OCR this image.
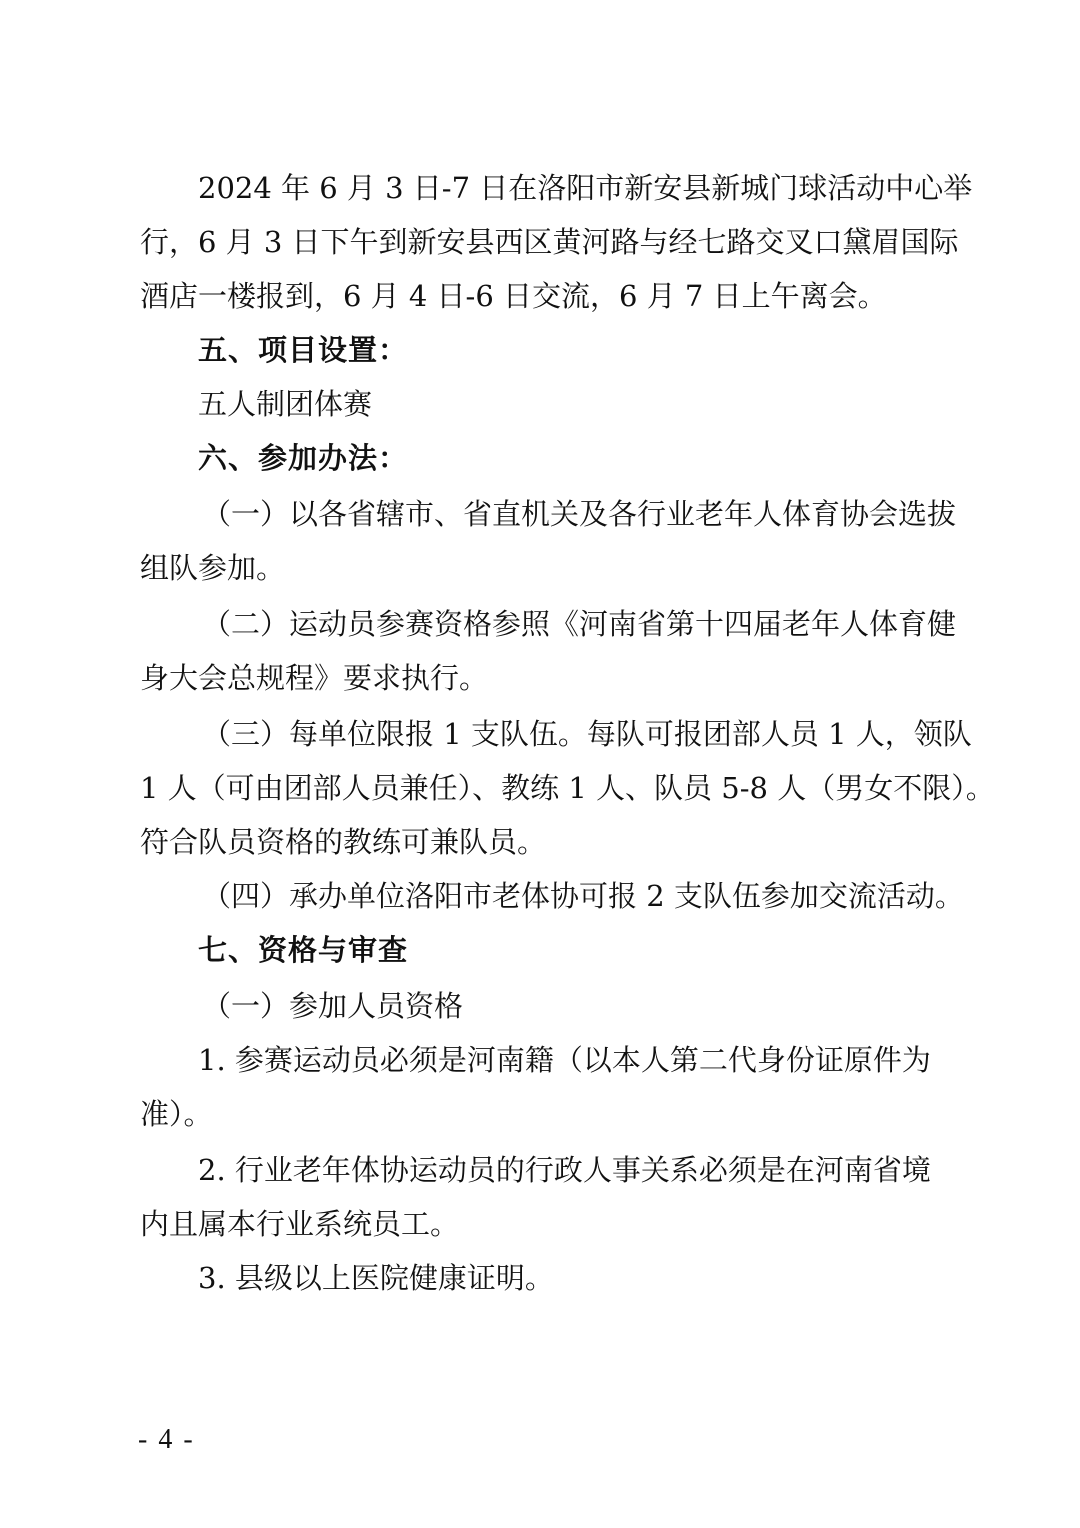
2024 年 6 月 3 日-7 日在洛阳市新安县新城门球活动中心举
行，6 月 3 日下午到新安县西区黄河路与经七路交叉口黛眉国际
酒店一楼报到，6 月 4 日-6 日交流，6 月 7 日上午离会。
五、项目设置：
五人制团体赛
六、参加办法：
（一）以各省辖市、省直机关及各行业老年人体育协会选拔
组队参加。
（二）运动员参赛资格参照《河南省第十四届老年人体育健
身大会总规程》要求执行。
（三）每单位限报 1 支队伍。每队可报团部人员 1 人，领队
1 人（可由团部人员兼任）、教练 1 人、队员 5-8 人（男女不限）。
符合队员资格的教练可兼队员。
（四）承办单位洛阳市老体协可报 2 支队伍参加交流活动。
七、资格与审查
（一）参加人员资格
1. 参赛运动员必须是河南籍（以本人第二代身份证原件为
准）。
2. 行业老年体协运动员的行政人事关系必须是在河南省境
内且属本行业系统员工。
3. 县级以上医院健康证明。
- 4 -
